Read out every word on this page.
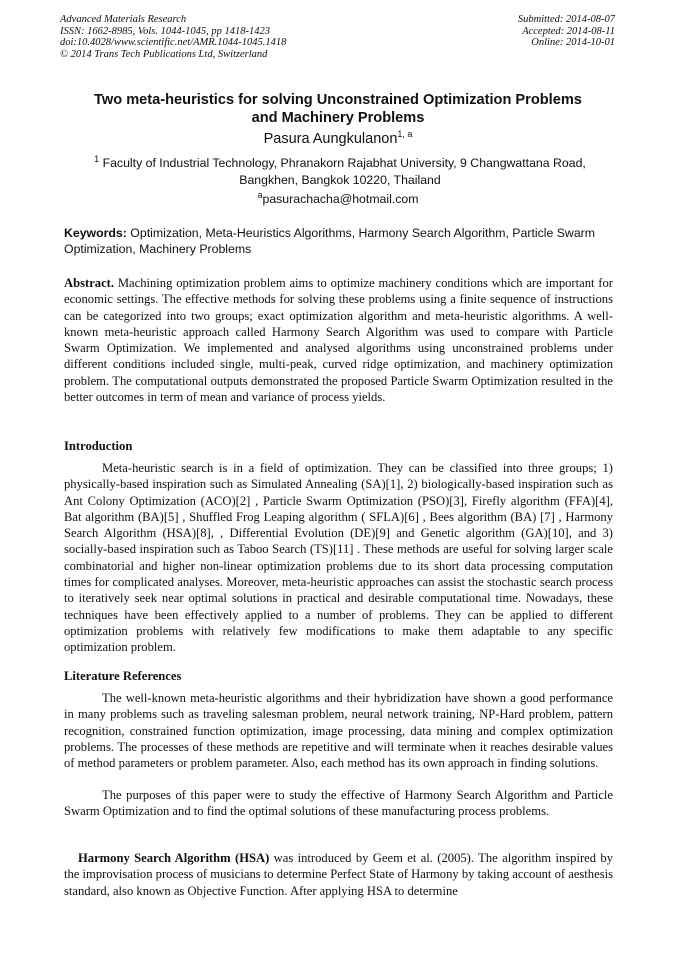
Advanced Materials Research
ISSN: 1662-8985, Vols. 1044-1045, pp 1418-1423
doi:10.4028/www.scientific.net/AMR.1044-1045.1418
© 2014 Trans Tech Publications Ltd, Switzerland
Submitted: 2014-08-07
Accepted: 2014-08-11
Online: 2014-10-01
Two meta-heuristics for solving Unconstrained Optimization Problems
and Machinery Problems
Pasura Aungkulanon$^{1, a}$
$^1$ Faculty of Industrial Technology, Phranakorn Rajabhat University, 9 Changwattana Road, Bangkhen, Bangkok 10220, Thailand
$^a$pasurachacha@hotmail.com
Keywords: Optimization, Meta-Heuristics Algorithms, Harmony Search Algorithm, Particle Swarm Optimization, Machinery Problems
Abstract. Machining optimization problem aims to optimize machinery conditions which are important for economic settings. The effective methods for solving these problems using a finite sequence of instructions can be categorized into two groups; exact optimization algorithm and meta-heuristic algorithms. A well-known meta-heuristic approach called Harmony Search Algorithm was used to compare with Particle Swarm Optimization. We implemented and analysed algorithms using unconstrained problems under different conditions included single, multi-peak, curved ridge optimization, and machinery optimization problem. The computational outputs demonstrated the proposed Particle Swarm Optimization resulted in the better outcomes in term of mean and variance of process yields.
Introduction
Meta-heuristic search is in a field of optimization. They can be classified into three groups; 1) physically-based inspiration such as Simulated Annealing (SA)[1], 2) biologically-based inspiration such as Ant Colony Optimization (ACO)[2] , Particle Swarm Optimization (PSO)[3], Firefly algorithm (FFA)[4], Bat algorithm (BA)[5] , Shuffled Frog Leaping algorithm ( SFLA)[6] , Bees algorithm (BA) [7] , Harmony Search Algorithm (HSA)[8], , Differential Evolution (DE)[9] and Genetic algorithm (GA)[10], and 3) socially-based inspiration such as Taboo Search (TS)[11] . These methods are useful for solving larger scale combinatorial and higher non-linear optimization problems due to its short data processing computation times for complicated analyses. Moreover, meta-heuristic approaches can assist the stochastic search process to iteratively seek near optimal solutions in practical and desirable computational time. Nowadays, these techniques have been effectively applied to a number of problems. They can be applied to different optimization problems with relatively few modifications to make them adaptable to any specific optimization problem.
Literature References
The well-known meta-heuristic algorithms and their hybridization have shown a good performance in many problems such as traveling salesman problem, neural network training, NP-Hard problem, pattern recognition, constrained function optimization, image processing, data mining and complex optimization problems. The processes of these methods are repetitive and will terminate when it reaches desirable values of method parameters or problem parameter. Also, each method has its own approach in finding solutions.
The purposes of this paper were to study the effective of Harmony Search Algorithm and Particle Swarm Optimization and to find the optimal solutions of these manufacturing process problems.
Harmony Search Algorithm (HSA) was introduced by Geem et al. (2005). The algorithm inspired by the improvisation process of musicians to determine Perfect State of Harmony by taking account of aesthesis standard, also known as Objective Function. After applying HSA to determine
